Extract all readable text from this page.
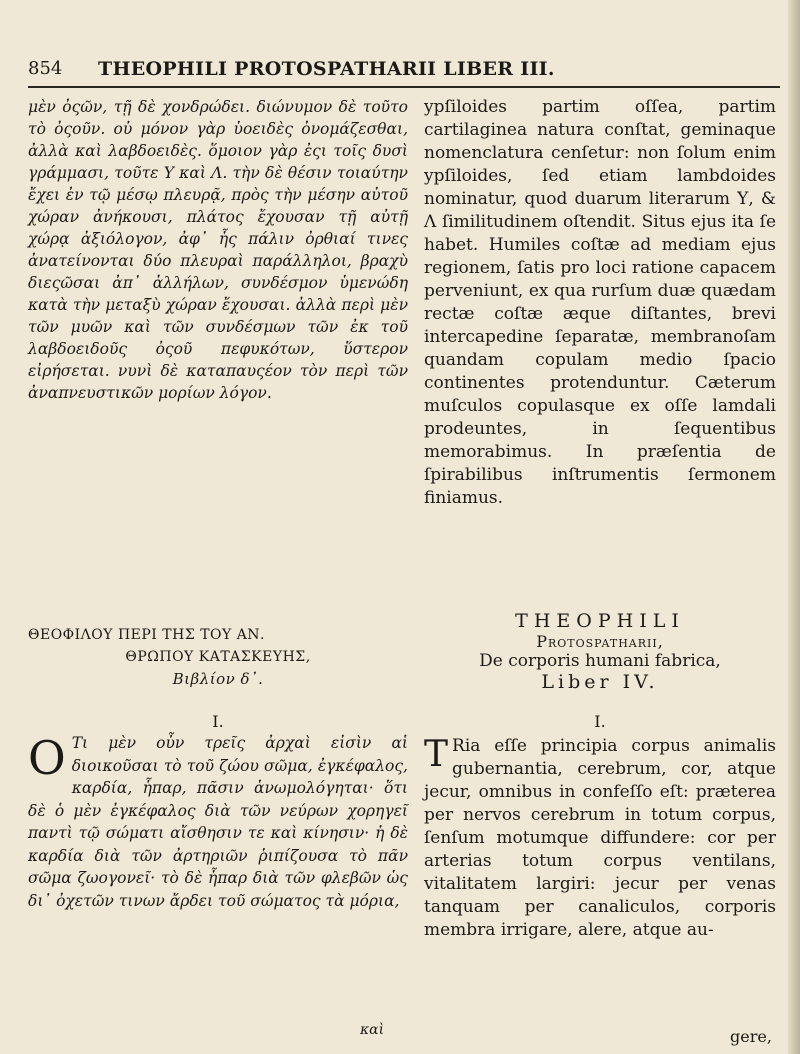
854 THEOPHILI PROTOSPATHARII LIBER III.

μὲν ὀςῶν, τῇ δὲ χονδρώδει. διώνυμον δὲ τοῦτο τὸ ὀςοῦν. οὐ μόνον γὰρ ὑοειδὲς ὀνομάζεσθαι, ἀλλὰ καὶ λαβδοειδὲς. ὅμοιον γὰρ ἐςι τοῖς δυσὶ γράμμασι, τοῦτε Υ καὶ Λ. τὴν δὲ θέσιν τοιαύτην ἔχει ἐν τῷ μέσῳ πλευρᾷ, πρὸς τὴν μέσην αὐτοῦ χώραν ἀνήκουσι, πλάτος ἔχουσαν τῇ αὐτῇ χώρᾳ ἀξιόλογον, ἀφ᾽ ἧς πάλιν ὀρθιαί τινες ἀνατείνονται δύο πλευραὶ παράλληλοι, βραχὺ διεςῶσαι ἀπ᾽ ἀλλήλων, συνδέσμον ὑμενώδη κατὰ τὴν μεταξὺ χώραν ἔχουσαι. ἀλλὰ περὶ μὲν τῶν μυῶν καὶ τῶν συνδέσμων τῶν ἐκ τοῦ λαβδοειδοῦς ὀςοῦ πεφυκότων, ὕστερον εἰρήσεται. νυνὶ δὲ καταπαυςέον τὸν περὶ τῶν ἀναπνευστικῶν μορίων λόγον.

ypſiloides partim oſſea, partim cartilaginea natura conſtat, geminaque nomenclatura cenſetur: non ſolum enim ypſiloides, ſed etiam lambdoides nominatur, quod duarum literarum Υ, & Λ ſimilitudinem oſtendit. Situs ejus ita ſe habet. Humiles coſtæ ad mediam ejus regionem, ſatis pro loci ratione capacem perveniunt, ex qua rurſum duæ quædam rectæ coſtæ æque diſtantes, brevi intercapedine ſeparatæ, membranoſam quandam copulam medio ſpacio continentes protenduntur. Cæterum muſculos copulasque ex oſſe lamdali prodeuntes, in ſequentibus memorabimus. In præſentia de ſpirabilibus inſtrumentis ſermonem finiamus.

ΘΕΟΦΙΛΟΥ ΠΕΡΙ ΤΗΣ ΤΟΥ ΑΝ.
ΘΡΩΠΟΥ ΚΑΤΑΣΚΕΥΗΣ,
Βιβλίον δ᾽.
I.
O Τι μὲν οὖν τρεῖς ἀρχαὶ εἰσὶν αἱ διοικοῦσαι τὸ τοῦ ζώου σῶμα, ἐγκέφαλος, καρδία, ἧπαρ, πᾶσιν ἀνωμολόγηται· ὅτι δὲ ὁ μὲν ἐγκέφαλος διὰ τῶν νεύρων χορηγεῖ παντὶ τῷ σώματι αἴσθησιν τε καὶ κίνησιν· ἡ δὲ καρδία διὰ τῶν ἀρτηριῶν ῥιπίζουσα τὸ πᾶν σῶμα ζωογονεῖ· τὸ δὲ ἧπαρ διὰ τῶν φλεβῶν ὡς δι᾽ ὀχετῶν τινων ἄρδει τοῦ σώματος τὰ μόρια,
THEOPHILI
Protospatharii,
De corporis humani fabrica,
Liber IV.
I.
T Ria eſſe principia corpus animalis gubernantia, cerebrum, cor, atque jecur, omnibus in confeſſo eſt: præterea per nervos cerebrum in totum corpus, ſenſum motumque diffundere: cor per arterias totum corpus ventilans, vitalitatem largiri: jecur per venas tanquam per canaliculos, corporis membra irrigare, alere, atque au-
καὶ	gere,
